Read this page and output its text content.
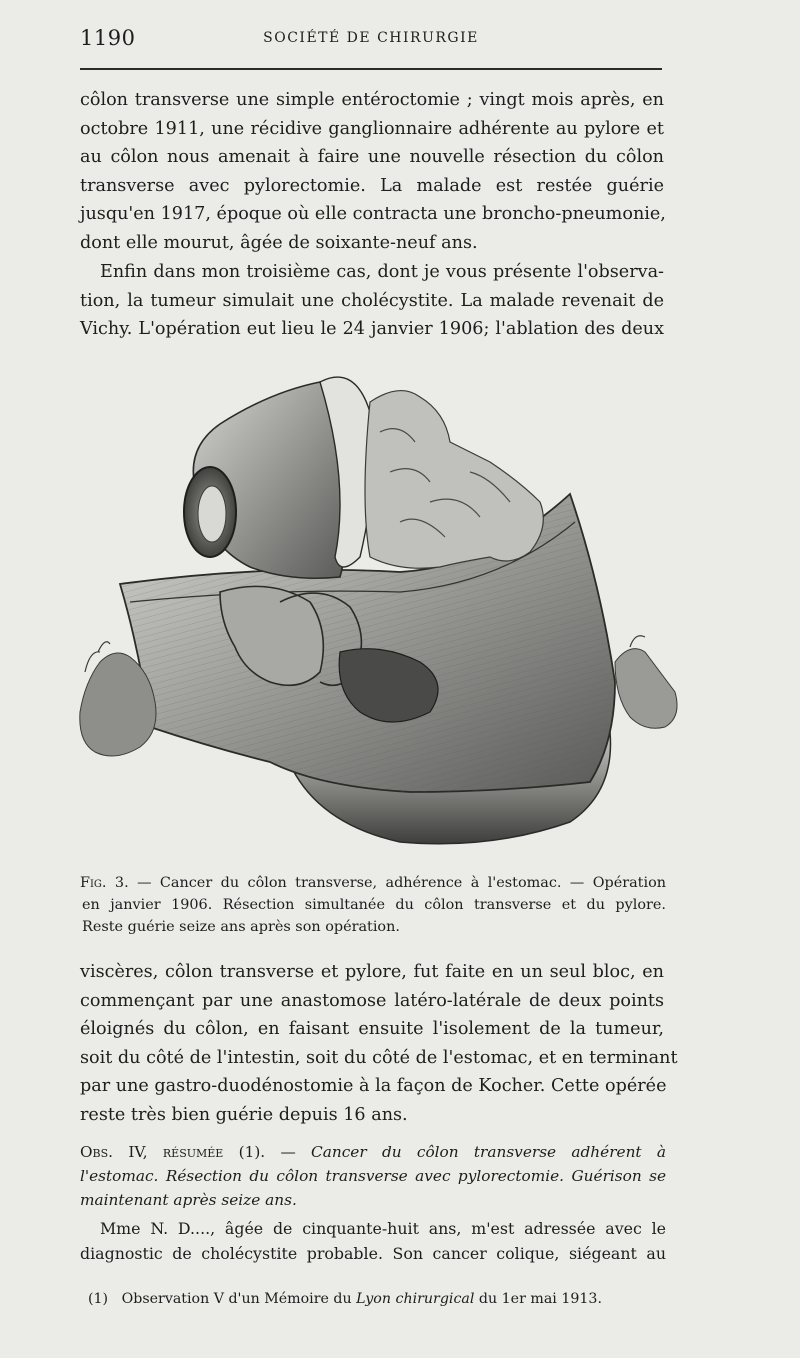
1190	SOCIÉTÉ DE CHIRURGIE
côlon transverse une simple entéroctomie ; vingt mois après, en
octobre 1911, une récidive ganglionnaire adhérente au pylore et
au côlon nous amenait à faire une nouvelle résection du côlon
transverse avec pylorectomie. La malade est restée guérie
jusqu'en 1917, époque où elle contracta une broncho-pneumonie,
dont elle mourut, âgée de soixante-neuf ans.
Enfin dans mon troisième cas, dont je vous présente l'observa-
tion, la tumeur simulait une cholécystite. La malade revenait de
Vichy. L'opération eut lieu le 24 janvier 1906; l'ablation des deux
Fig. 3. — Cancer du côlon transverse, adhérence à l'estomac. — Opération
en janvier 1906. Résection simultanée du côlon transverse et du pylore.
Reste guérie seize ans après son opération.
viscères, côlon transverse et pylore, fut faite en un seul bloc, en
commençant par une anastomose latéro-latérale de deux points
éloignés du côlon, en faisant ensuite l'isolement de la tumeur,
soit du côté de l'intestin, soit du côté de l'estomac, et en terminant
par une gastro-duodénostomie à la façon de Kocher. Cette opérée
reste très bien guérie depuis 16 ans.
Obs. IV, résumée (1). — Cancer du côlon transverse adhérent à
l'estomac. Résection du côlon transverse avec pylorectomie. Guérison se
maintenant après seize ans.
Mme N. D...., âgée de cinquante-huit ans, m'est adressée avec le
diagnostic de cholécystite probable. Son cancer colique, siégeant au
(1) Observation V d'un Mémoire du Lyon chirurgical du 1er mai 1913.
